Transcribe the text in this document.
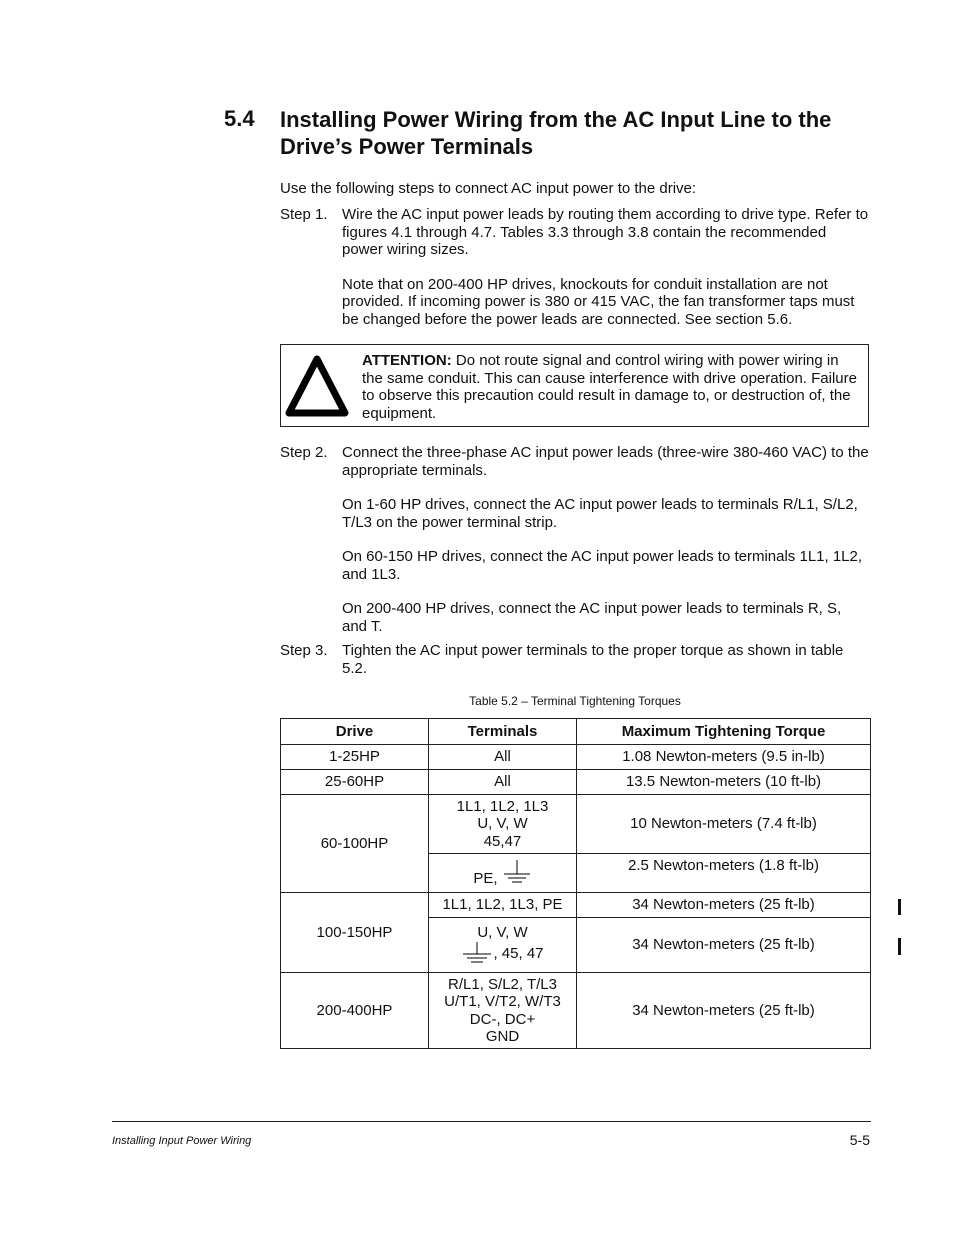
5.4 Installing Power Wiring from the AC Input Line to the Drive’s Power Terminals
Use the following steps to connect AC input power to the drive:
Step 1. Wire the AC input power leads by routing them according to drive type. Refer to figures 4.1 through 4.7. Tables 3.3 through 3.8 contain the recommended power wiring sizes.

Note that on 200-400 HP drives, knockouts for conduit installation are not provided. If incoming power is 380 or 415 VAC, the fan transformer taps must be changed before the power leads are connected. See section 5.6.

ATTENTION: Do not route signal and control wiring with power wiring in the same conduit. This can cause interference with drive operation. Failure to observe this precaution could result in damage to, or destruction of, the equipment.
Step 2. Connect the three-phase AC input power leads (three-wire 380-460 VAC) to the appropriate terminals.

On 1-60 HP drives, connect the AC input power leads to terminals R/L1, S/L2, T/L3 on the power terminal strip.

On 60-150 HP drives, connect the AC input power leads to terminals 1L1, 1L2, and 1L3.

On 200-400 HP drives, connect the AC input power leads to terminals R, S, and T.

Step 3. Tighten the AC input power terminals to the proper torque as shown in table 5.2.

Table 5.2 – Terminal Tightening Torques
Drive	Terminals	Maximum Tightening Torque
1-25HP	All	1.08 Newton-meters (9.5 in-lb)
25-60HP	All	13.5 Newton-meters (10 ft-lb)
60-100HP	1L1, 1L2, 1L3
U, V, W
45,47	10 Newton-meters (7.4 ft-lb)
	PE,	2.5 Newton-meters (1.8 ft-lb)
100-150HP	1L1, 1L2, 1L3, PE	34 Newton-meters (25 ft-lb)

	U, V, W
, 45, 47	34 Newton-meters (25 ft-lb)
200-400HP	R/L1, S/L2, T/L3
U/T1, V/T2, W/T3
DC-, DC+
GND	34 Newton-meters (25 ft-lb)
Installing Input Power Wiring	5-5
